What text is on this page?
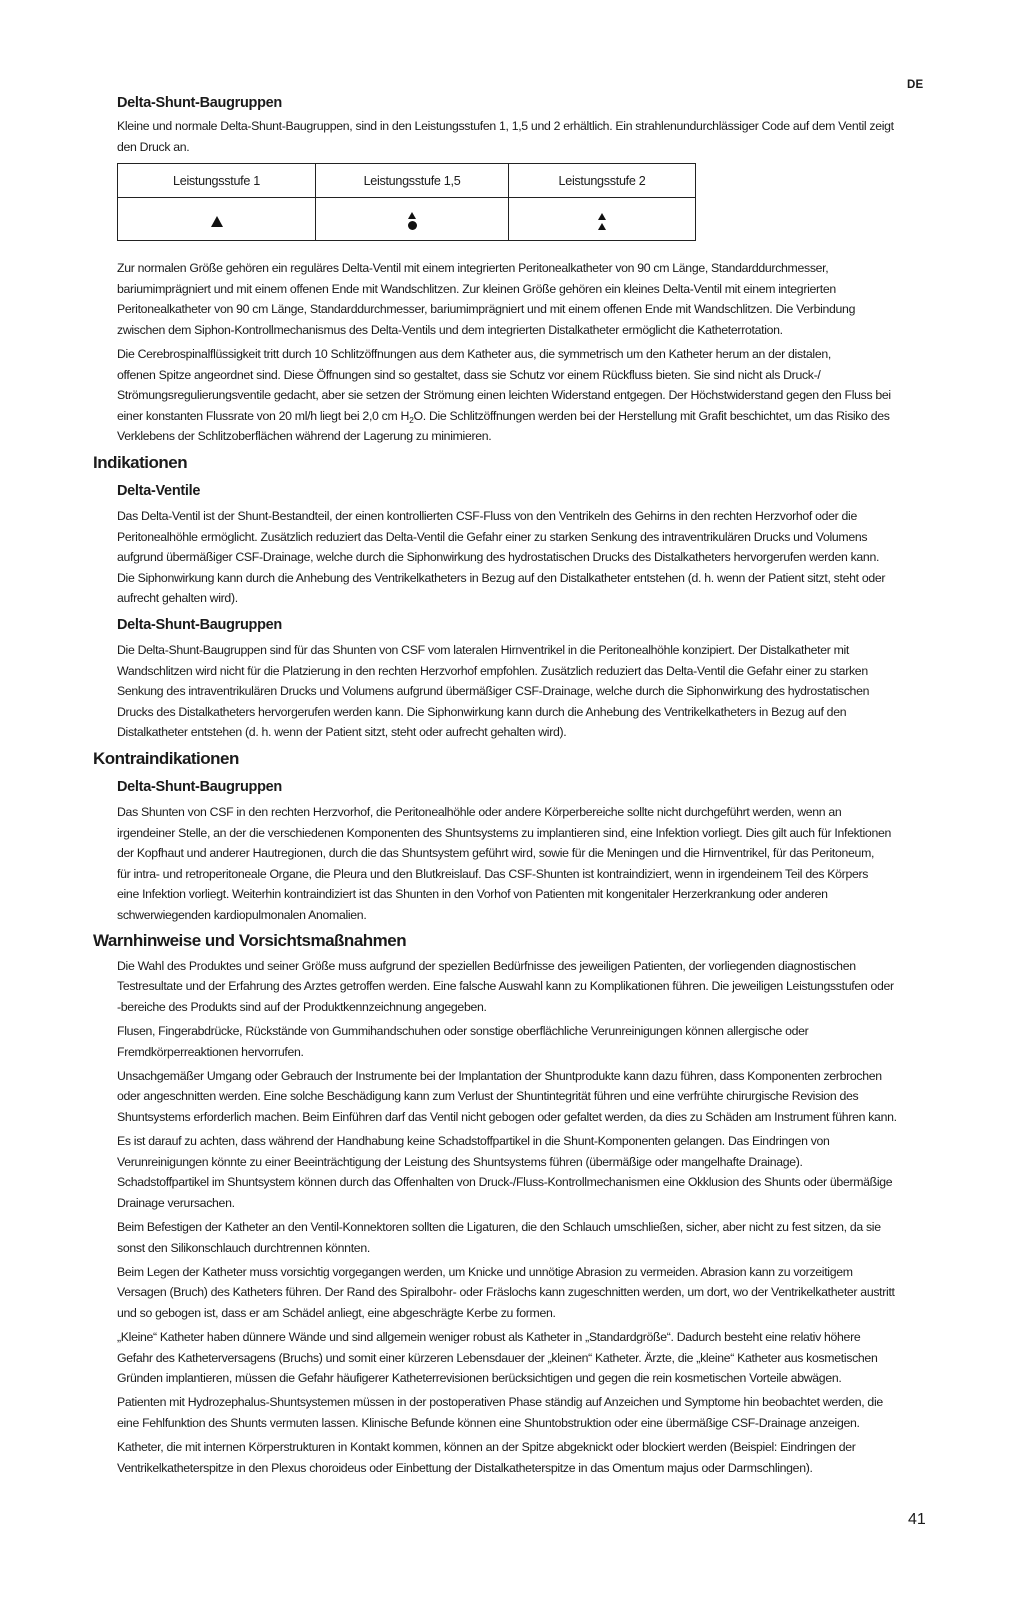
DE
Delta-Shunt-Baugruppen
Kleine und normale Delta-Shunt-Baugruppen, sind in den Leistungsstufen 1, 1,5 und 2 erhältlich. Ein strahlenundurchlässiger Code auf dem Ventil zeigt
den Druck an.
Leistungsstufe 1	Leistungsstufe 1,5	Leistungsstufe 2

Zur normalen Größe gehören ein reguläres Delta-Ventil mit einem integrierten Peritonealkatheter von 90 cm Länge, Standarddurchmesser,
bariumimprägniert und mit einem offenen Ende mit Wandschlitzen. Zur kleinen Größe gehören ein kleines Delta-Ventil mit einem integrierten
Peritonealkatheter von 90 cm Länge, Standarddurchmesser, bariumimprägniert und mit einem offenen Ende mit Wandschlitzen. Die Verbindung
zwischen dem Siphon-Kontrollmechanismus des Delta-Ventils und dem integrierten Distalkatheter ermöglicht die Katheterrotation.
Die Cerebrospinalflüssigkeit tritt durch 10 Schlitzöffnungen aus dem Katheter aus, die symmetrisch um den Katheter herum an der distalen,
offenen Spitze angeordnet sind. Diese Öffnungen sind so gestaltet, dass sie Schutz vor einem Rückfluss bieten. Sie sind nicht als Druck-/
Strömungsregulierungsventile gedacht, aber sie setzen der Strömung einen leichten Widerstand entgegen. Der Höchstwiderstand gegen den Fluss bei
einer konstanten Flussrate von 20 ml/h liegt bei 2,0 cm $H_2O$. Die Schlitzöffnungen werden bei der Herstellung mit Grafit beschichtet, um das Risiko des
Verklebens der Schlitzoberflächen während der Lagerung zu minimieren.
Indikationen
Delta-Ventile
Das Delta-Ventil ist der Shunt-Bestandteil, der einen kontrollierten CSF-Fluss von den Ventrikeln des Gehirns in den rechten Herzvorhof oder die
Peritonealhöhle ermöglicht. Zusätzlich reduziert das Delta-Ventil die Gefahr einer zu starken Senkung des intraventrikulären Drucks und Volumens
aufgrund übermäßiger CSF-Drainage, welche durch die Siphonwirkung des hydrostatischen Drucks des Distalkatheters hervorgerufen werden kann.
Die Siphonwirkung kann durch die Anhebung des Ventrikelkatheters in Bezug auf den Distalkatheter entstehen (d. h. wenn der Patient sitzt, steht oder
aufrecht gehalten wird).
Delta-Shunt-Baugruppen
Die Delta-Shunt-Baugruppen sind für das Shunten von CSF vom lateralen Hirnventrikel in die Peritonealhöhle konzipiert. Der Distalkatheter mit
Wandschlitzen wird nicht für die Platzierung in den rechten Herzvorhof empfohlen. Zusätzlich reduziert das Delta-Ventil die Gefahr einer zu starken
Senkung des intraventrikulären Drucks und Volumens aufgrund übermäßiger CSF-Drainage, welche durch die Siphonwirkung des hydrostatischen
Drucks des Distalkatheters hervorgerufen werden kann. Die Siphonwirkung kann durch die Anhebung des Ventrikelkatheters in Bezug auf den
Distalkatheter entstehen (d. h. wenn der Patient sitzt, steht oder aufrecht gehalten wird).
Kontraindikationen
Delta-Shunt-Baugruppen
Das Shunten von CSF in den rechten Herzvorhof, die Peritonealhöhle oder andere Körperbereiche sollte nicht durchgeführt werden, wenn an
irgendeiner Stelle, an der die verschiedenen Komponenten des Shuntsystems zu implantieren sind, eine Infektion vorliegt. Dies gilt auch für Infektionen
der Kopfhaut und anderer Hautregionen, durch die das Shuntsystem geführt wird, sowie für die Meningen und die Hirnventrikel, für das Peritoneum,
für intra- und retroperitoneale Organe, die Pleura und den Blutkreislauf. Das CSF-Shunten ist kontraindiziert, wenn in irgendeinem Teil des Körpers
eine Infektion vorliegt. Weiterhin kontraindiziert ist das Shunten in den Vorhof von Patienten mit kongenitaler Herzerkrankung oder anderen
schwerwiegenden kardiopulmonalen Anomalien.
Warnhinweise und Vorsichtsmaßnahmen
Die Wahl des Produktes und seiner Größe muss aufgrund der speziellen Bedürfnisse des jeweiligen Patienten, der vorliegenden diagnostischen
Testresultate und der Erfahrung des Arztes getroffen werden. Eine falsche Auswahl kann zu Komplikationen führen. Die jeweiligen Leistungsstufen oder
-bereiche des Produkts sind auf der Produktkennzeichnung angegeben.
Flusen, Fingerabdrücke, Rückstände von Gummihandschuhen oder sonstige oberflächliche Verunreinigungen können allergische oder
Fremdkörperreaktionen hervorrufen.
Unsachgemäßer Umgang oder Gebrauch der Instrumente bei der Implantation der Shuntprodukte kann dazu führen, dass Komponenten zerbrochen
oder angeschnitten werden. Eine solche Beschädigung kann zum Verlust der Shuntintegrität führen und eine verfrühte chirurgische Revision des
Shuntsystems erforderlich machen. Beim Einführen darf das Ventil nicht gebogen oder gefaltet werden, da dies zu Schäden am Instrument führen kann.
Es ist darauf zu achten, dass während der Handhabung keine Schadstoffpartikel in die Shunt-Komponenten gelangen. Das Eindringen von
Verunreinigungen könnte zu einer Beeinträchtigung der Leistung des Shuntsystems führen (übermäßige oder mangelhafte Drainage).
Schadstoffpartikel im Shuntsystem können durch das Offenhalten von Druck-/Fluss-Kontrollmechanismen eine Okklusion des Shunts oder übermäßige
Drainage verursachen.
Beim Befestigen der Katheter an den Ventil-Konnektoren sollten die Ligaturen, die den Schlauch umschließen, sicher, aber nicht zu fest sitzen, da sie
sonst den Silikonschlauch durchtrennen könnten.
Beim Legen der Katheter muss vorsichtig vorgegangen werden, um Knicke und unnötige Abrasion zu vermeiden. Abrasion kann zu vorzeitigem
Versagen (Bruch) des Katheters führen. Der Rand des Spiralbohr- oder Fräslochs kann zugeschnitten werden, um dort, wo der Ventrikelkatheter austritt
und so gebogen ist, dass er am Schädel anliegt, eine abgeschrägte Kerbe zu formen.
„Kleine“ Katheter haben dünnere Wände und sind allgemein weniger robust als Katheter in „Standardgröße“. Dadurch besteht eine relativ höhere
Gefahr des Katheterversagens (Bruchs) und somit einer kürzeren Lebensdauer der „kleinen“ Katheter. Ärzte, die „kleine“ Katheter aus kosmetischen
Gründen implantieren, müssen die Gefahr häufigerer Katheterrevisionen berücksichtigen und gegen die rein kosmetischen Vorteile abwägen.
Patienten mit Hydrozephalus-Shuntsystemen müssen in der postoperativen Phase ständig auf Anzeichen und Symptome hin beobachtet werden, die
eine Fehlfunktion des Shunts vermuten lassen. Klinische Befunde können eine Shuntobstruktion oder eine übermäßige CSF-Drainage anzeigen.
Katheter, die mit internen Körperstrukturen in Kontakt kommen, können an der Spitze abgeknickt oder blockiert werden (Beispiel: Eindringen der
Ventrikelkatheterspitze in den Plexus choroideus oder Einbettung der Distalkatheterspitze in das Omentum majus oder Darmschlingen).
41
